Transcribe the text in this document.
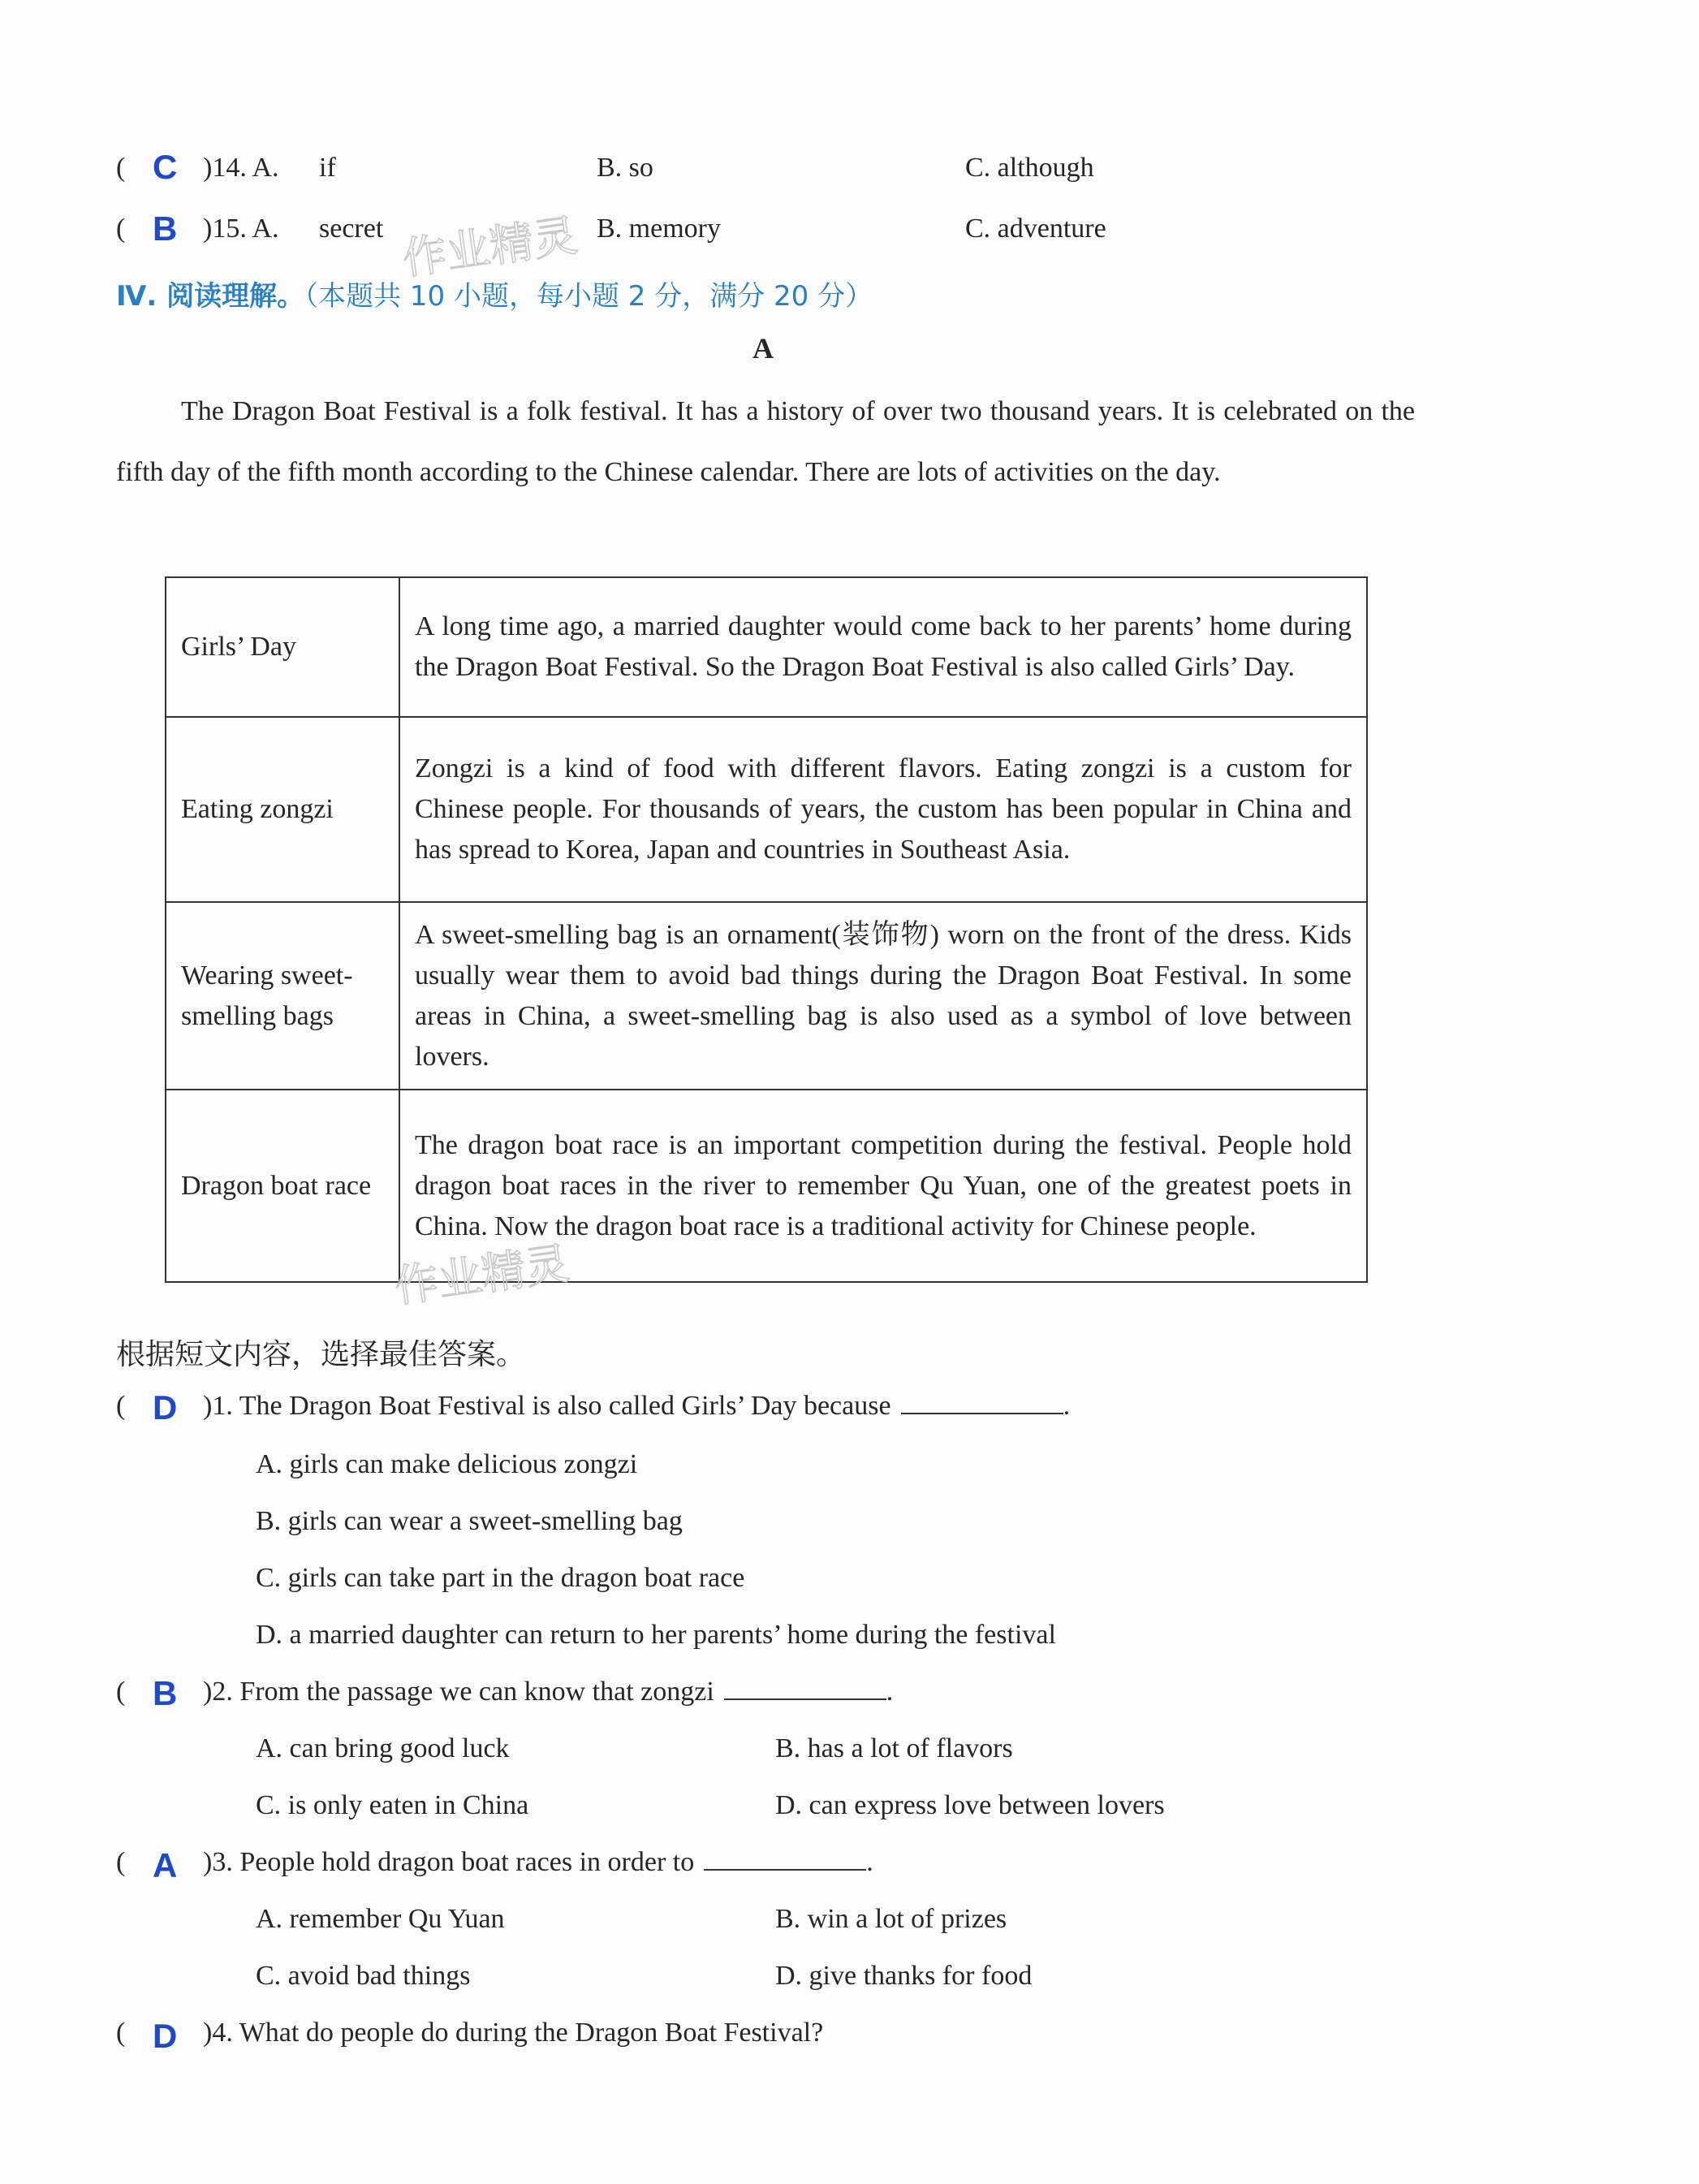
( C )14. A. if	B. so	C. although
( B )15. A. secret	B. memory	C. adventure
Ⅳ. 阅读理解。（本题共 10 小题，每小题 2 分，满分 20 分）
A
The Dragon Boat Festival is a folk festival. It has a history of over two thousand years. It is celebrated on the fifth day of the fifth month according to the Chinese calendar. There are lots of activities on the day.
Girls’ Day	A long time ago, a married daughter would come back to her parents’ home during the Dragon Boat Festival. So the Dragon Boat Festival is also called Girls’ Day.
Eating zongzi	Zongzi is a kind of food with different flavors. Eating zongzi is a custom for Chinese people. For thousands of years, the custom has been popular in China and has spread to Korea, Japan and countries in Southeast Asia.
Wearing sweet-smelling bags	A sweet-smelling bag is an ornament(装饰物) worn on the front of the dress. Kids usually wear them to avoid bad things during the Dragon Boat Festival. In some areas in China, a sweet-smelling bag is also used as a symbol of love between lovers.
Dragon boat race	The dragon boat race is an important competition during the festival. People hold dragon boat races in the river to remember Qu Yuan, one of the greatest poets in China. Now the dragon boat race is a traditional activity for Chinese people.
作业精灵
作业精灵
根据短文内容，选择最佳答案。
( D )1. The Dragon Boat Festival is also called Girls’ Day because	.
A. girls can make delicious zongzi
B. girls can wear a sweet-smelling bag
C. girls can take part in the dragon boat race
D. a married daughter can return to her parents’ home during the festival
( B )2. From the passage we can know that zongzi	.
A. can bring good luck	B. has a lot of flavors
C. is only eaten in China	D. can express love between lovers
( A )3. People hold dragon boat races in order to	.
A. remember Qu Yuan	B. win a lot of prizes
C. avoid bad things	D. give thanks for food
( D )4. What do people do during the Dragon Boat Festival?
